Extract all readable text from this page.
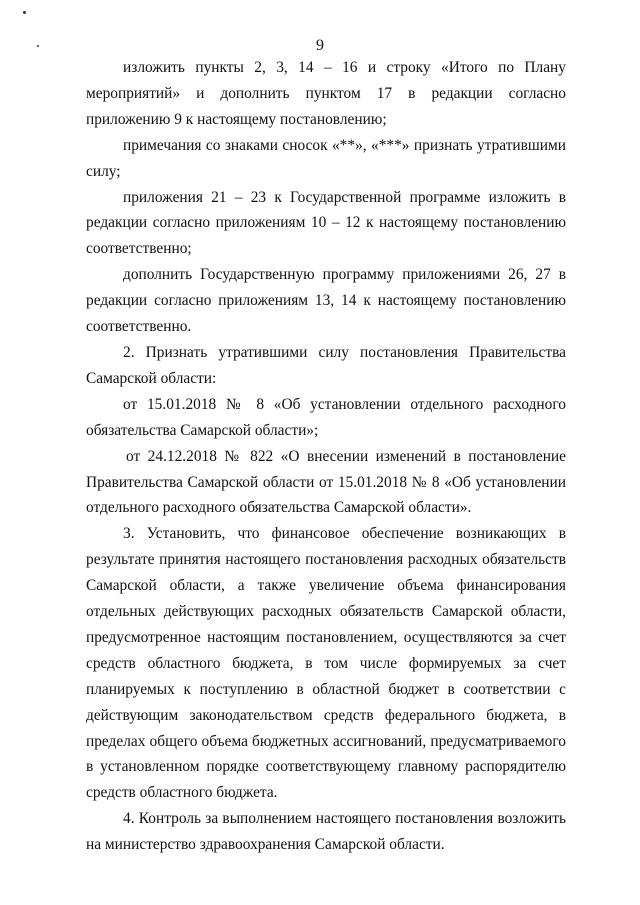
9

изложить пункты 2, 3, 14 – 16 и строку «Итого по Плану мероприятий» и дополнить пунктом 17 в редакции согласно приложению 9 к настоящему постановлению;

примечания со знаками сносок «**», «***» признать утратившими силу;

приложения 21 – 23 к Государственной программе изложить в редакции согласно приложениям 10 – 12 к настоящему постановлению соответственно;

дополнить Государственную программу приложениями 26, 27 в редакции согласно приложениям 13, 14 к настоящему постановлению соответственно.

2. Признать утратившими силу постановления Правительства Самарской области:

от 15.01.2018 № 8 «Об установлении отдельного расходного обязательства Самарской области»;

от 24.12.2018 № 822 «О внесении изменений в постановление Правительства Самарской области от 15.01.2018 № 8 «Об установлении отдельного расходного обязательства Самарской области».

3. Установить, что финансовое обеспечение возникающих в результате принятия настоящего постановления расходных обязательств Самарской области, а также увеличение объема финансирования отдельных действующих расходных обязательств Самарской области, предусмотренное настоящим постановлением, осуществляются за счет средств областного бюджета, в том числе формируемых за счет планируемых к поступлению в областной бюджет в соответствии с действующим законодательством средств федерального бюджета, в пределах общего объема бюджетных ассигнований, предусматриваемого в установленном порядке соответствующему главному распорядителю средств областного бюджета.

4. Контроль за выполнением настоящего постановления возложить на министерство здравоохранения Самарской области.
